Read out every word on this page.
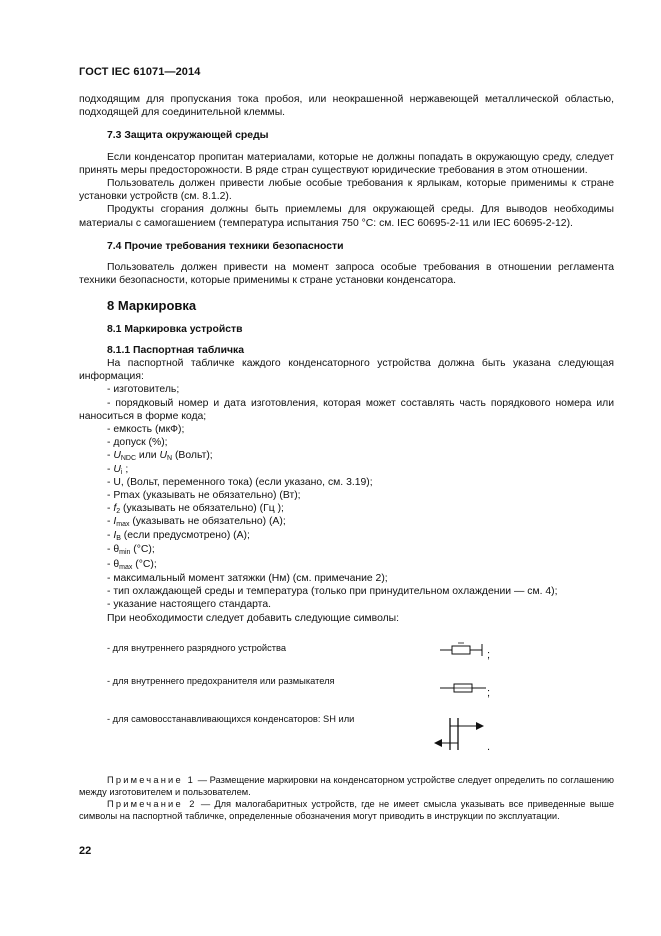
ГОСТ IEC 61071—2014

подходящим для пропускания тока пробоя, или неокрашенной нержавеющей металлической областью, подходящей для соединительной клеммы.

7.3 Защита окружающей среды

Если конденсатор пропитан материалами, которые не должны попадать в окружающую среду, следует принять меры предосторожности. В ряде стран существуют юридические требования в этом отношении.

Пользователь должен привести любые особые требования к ярлыкам, которые применимы к стране установки устройств (см. 8.1.2).

Продукты сгорания должны быть приемлемы для окружающей среды. Для выводов необходимы материалы с самогашением (температура испытания 750 °С: см. IEC 60695-2-11 или IEC 60695-2-12).

7.4 Прочие требования техники безопасности

Пользователь должен привести на момент запроса особые требования в отношении регламента техники безопасности, которые применимы к стране установки конденсатора.

8 Маркировка

8.1 Маркировка устройств

8.1.1 Паспортная табличка

На паспортной табличке каждого конденсаторного устройства должна быть указана следующая информация:

- изготовитель;

- порядковый номер и дата изготовления, которая может составлять часть порядкового номера или наноситься в форме кода;

- емкость (мкФ);

- допуск (%);

- $U_{NDC}$ или $U_N$ (Вольт);

- $U_i$ ;

- U, (Вольт, переменного тока) (если указано, см. 3.19);

- Pmax (указывать не обязательно) (Вт);

- $f_2$ (указывать не обязательно) (Гц );

- $I_{max}$ (указывать не обязательно) (А);

- $I_B$ (если предусмотрено) (А);

- $\theta_{min}$ (°С);

- $\theta_{max}$ (°С);

- максимальный момент затяжки (Нм) (см. примечание 2);

- тип охлаждающей среды и температура (только при принудительном охлаждении — см. 4);

- указание настоящего стандарта.

При необходимости следует добавить следующие символы:

- для внутреннего разрядного устройства
;
- для внутреннего предохранителя или размыкателя
;
- для самовосстанавливающихся конденсаторов: SH или
.

Примечание 1 — Размещение маркировки на конденсаторном устройстве следует определить по соглашению между изготовителем и пользователем.

Примечание 2 — Для малогабаритных устройств, где не имеет смысла указывать все приведенные выше символы на паспортной табличке, определенные обозначения могут приводить в инструкции по эксплуатации.

22
